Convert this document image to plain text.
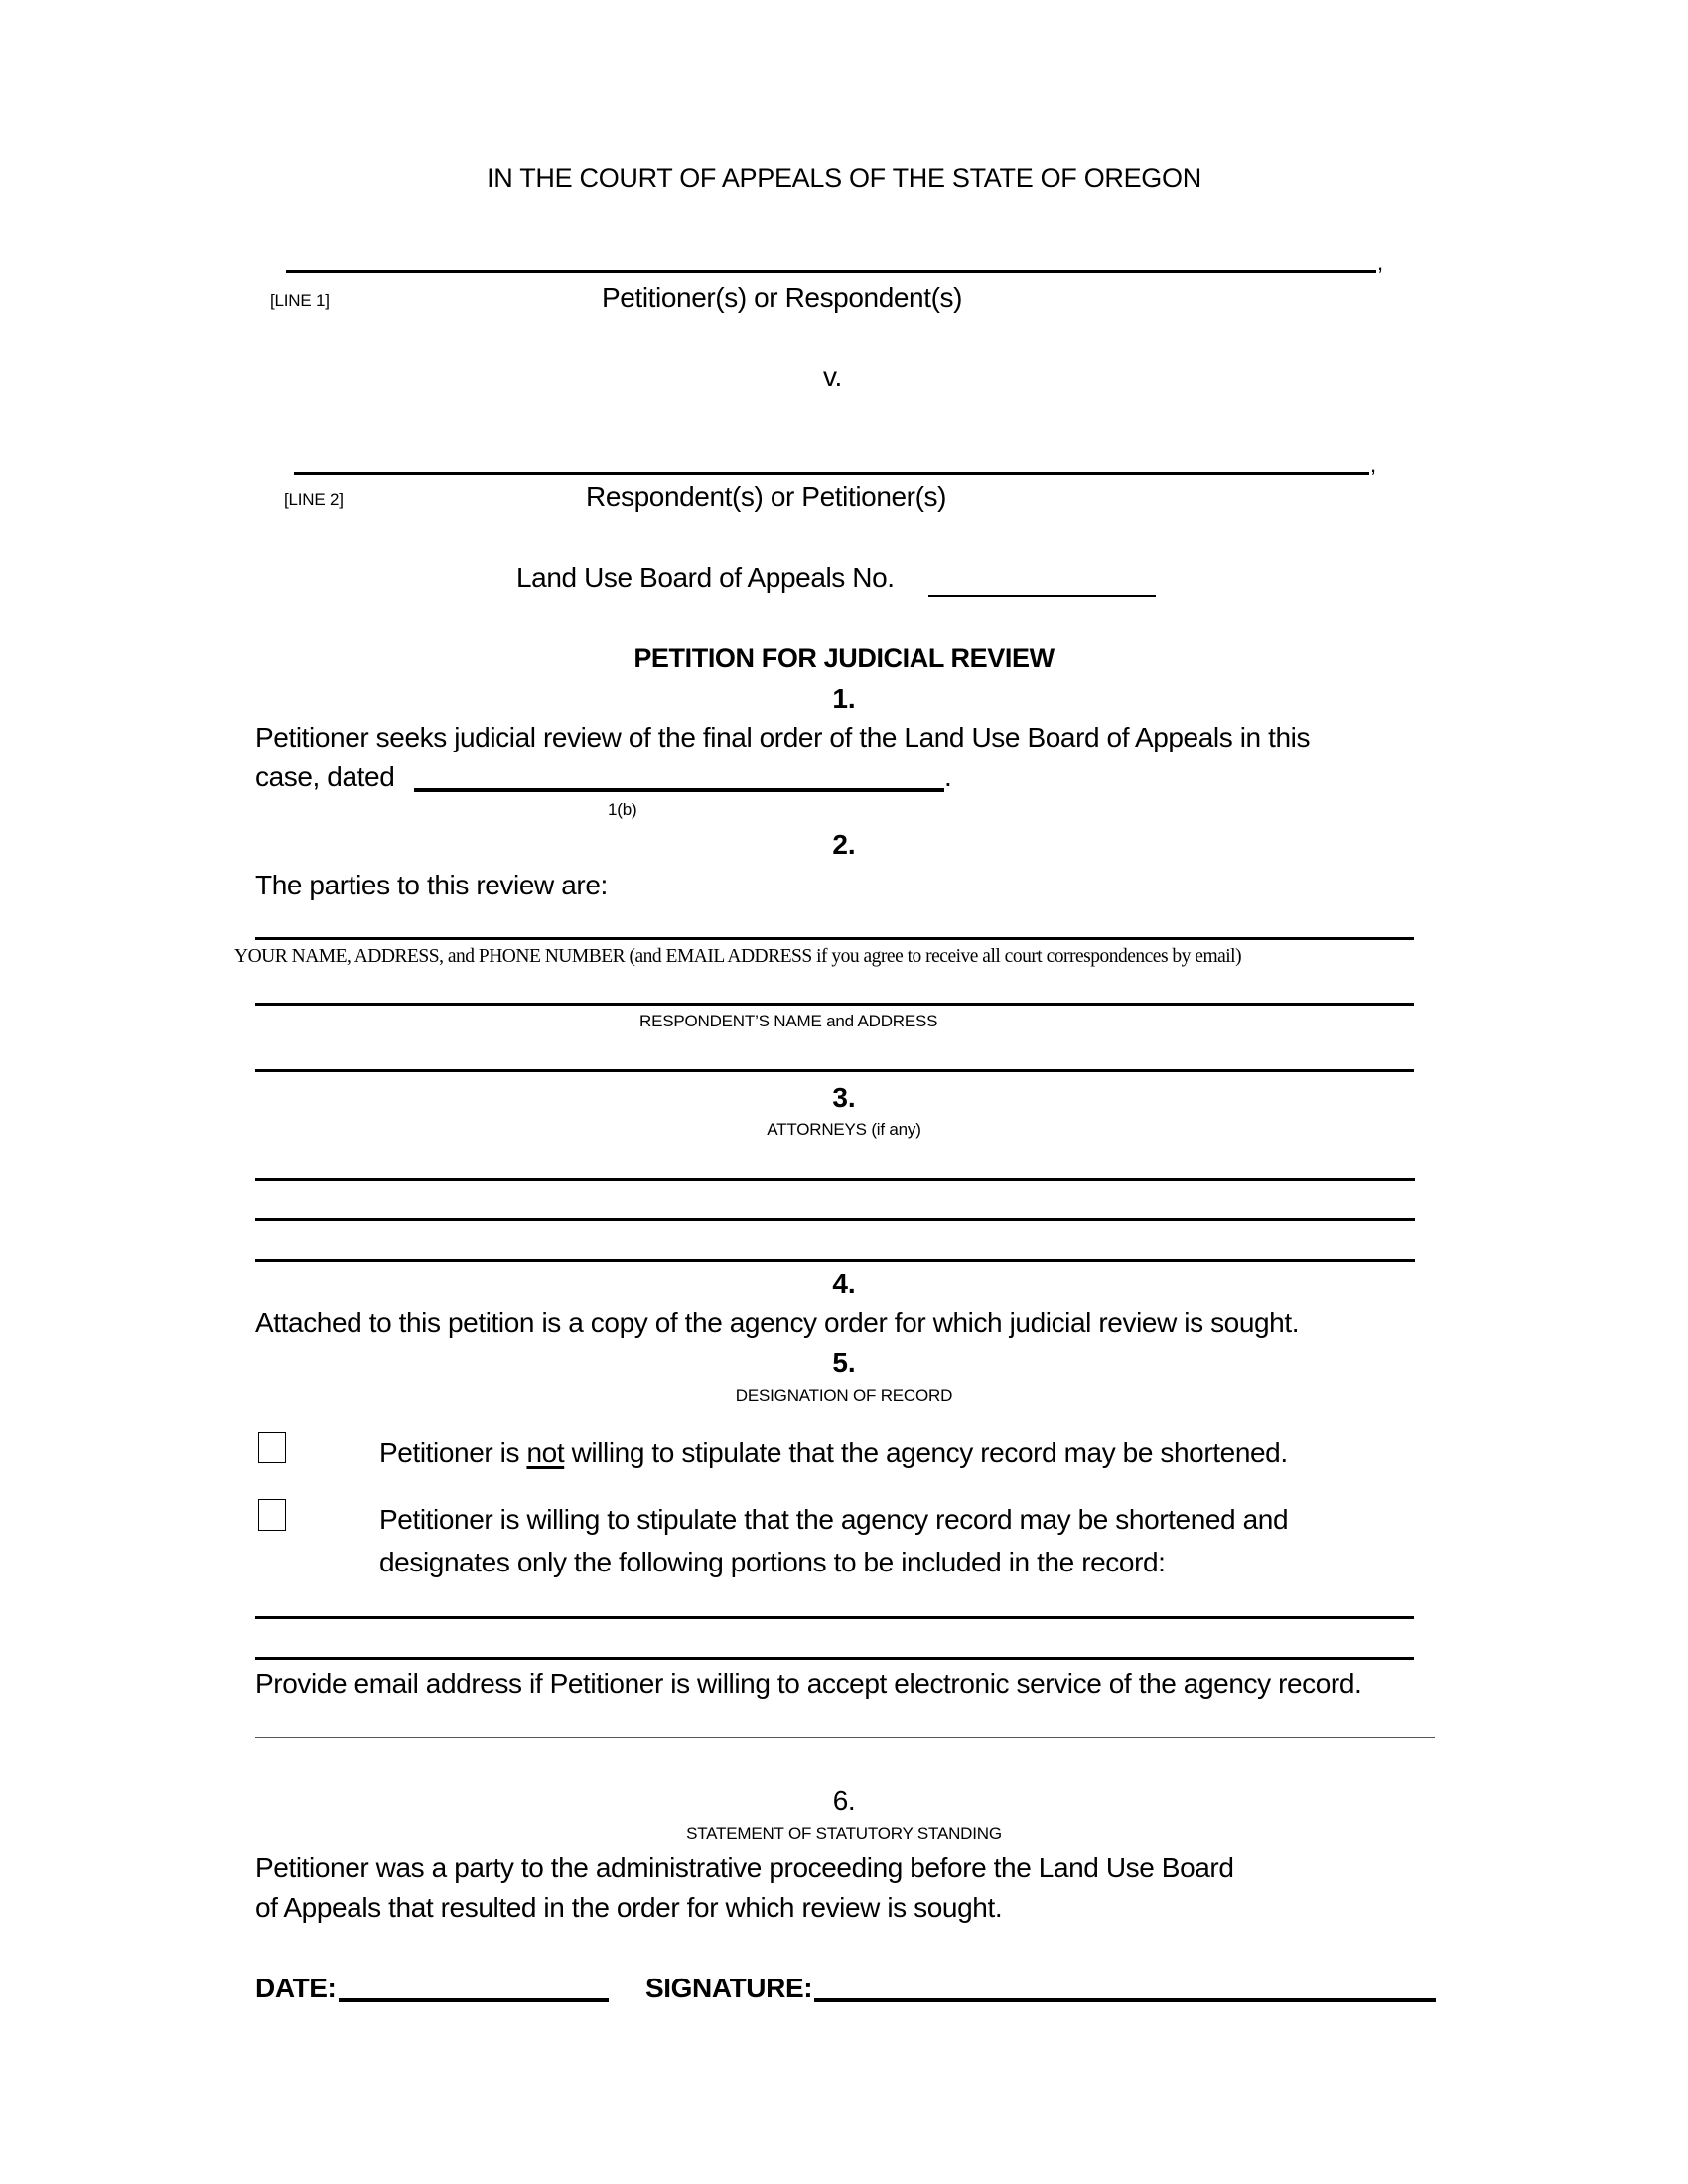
IN THE COURT OF APPEALS OF THE STATE OF OREGON
,
[LINE 1]	Petitioner(s) or Respondent(s)
v.
,
[LINE 2]	Respondent(s) or Petitioner(s)
Land Use Board of Appeals No.
PETITION FOR JUDICIAL REVIEW
1.
Petitioner seeks judicial review of the final order of the Land Use Board of Appeals in this
case, dated	.
1(b)
2.
The parties to this review are:
YOUR NAME, ADDRESS, and PHONE NUMBER (and EMAIL ADDRESS if you agree to receive all court correspondences by email)
RESPONDENT’S NAME and ADDRESS
3.
ATTORNEYS (if any)
4.
Attached to this petition is a copy of the agency order for which judicial review is sought.
5.
DESIGNATION OF RECORD
Petitioner is not willing to stipulate that the agency record may be shortened.
Petitioner is willing to stipulate that the agency record may be shortened and
designates only the following portions to be included in the record:
Provide email address if Petitioner is willing to accept electronic service of the agency record.
6.
STATEMENT OF STATUTORY STANDING
Petitioner was a party to the administrative proceeding before the Land Use Board
of Appeals that resulted in the order for which review is sought.
DATE:	SIGNATURE:
